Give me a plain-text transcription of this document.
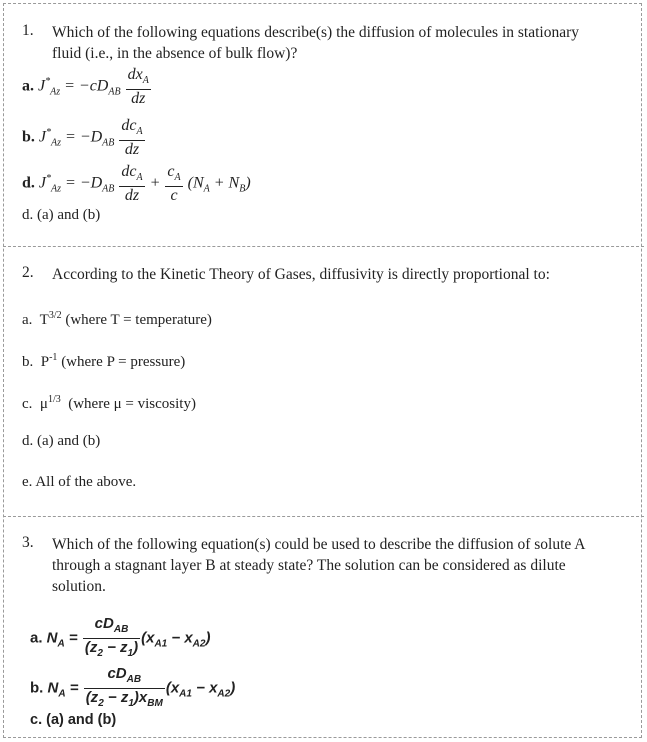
1. Which of the following equations describe(s) the diffusion of molecules in stationary fluid (i.e., in the absence of bulk flow)?
a. $J^*_{Az} = -cD_{AB} \frac{dx_A}{dz}$
b. $J^*_{Az} = -D_{AB} \frac{dc_A}{dz}$
d. $J^*_{Az} = -D_{AB} \frac{dc_A}{dz} + \frac{c_A}{c} (N_A + N_B)$
d. (a) and (b)
2. According to the Kinetic Theory of Gases, diffusivity is directly proportional to:
a.  $T^{3/2}$ (where T = temperature)
b.  $P^{-1}$ (where P = pressure)
c.  $\mu^{1/3}$  (where μ = viscosity)
d. (a) and (b)
e. All of the above.
3. Which of the following equation(s) could be used to describe the diffusion of solute A through a stagnant layer B at steady state? The solution can be considered as dilute solution.
a. $N_A = \frac{cD_{AB}}{(z_2 - z_1)} (x_{A1} - x_{A2})$
b. $N_A = \frac{cD_{AB}}{(z_2 - z_1)x_{BM}} (x_{A1} - x_{A2})$
c. (a) and (b)
